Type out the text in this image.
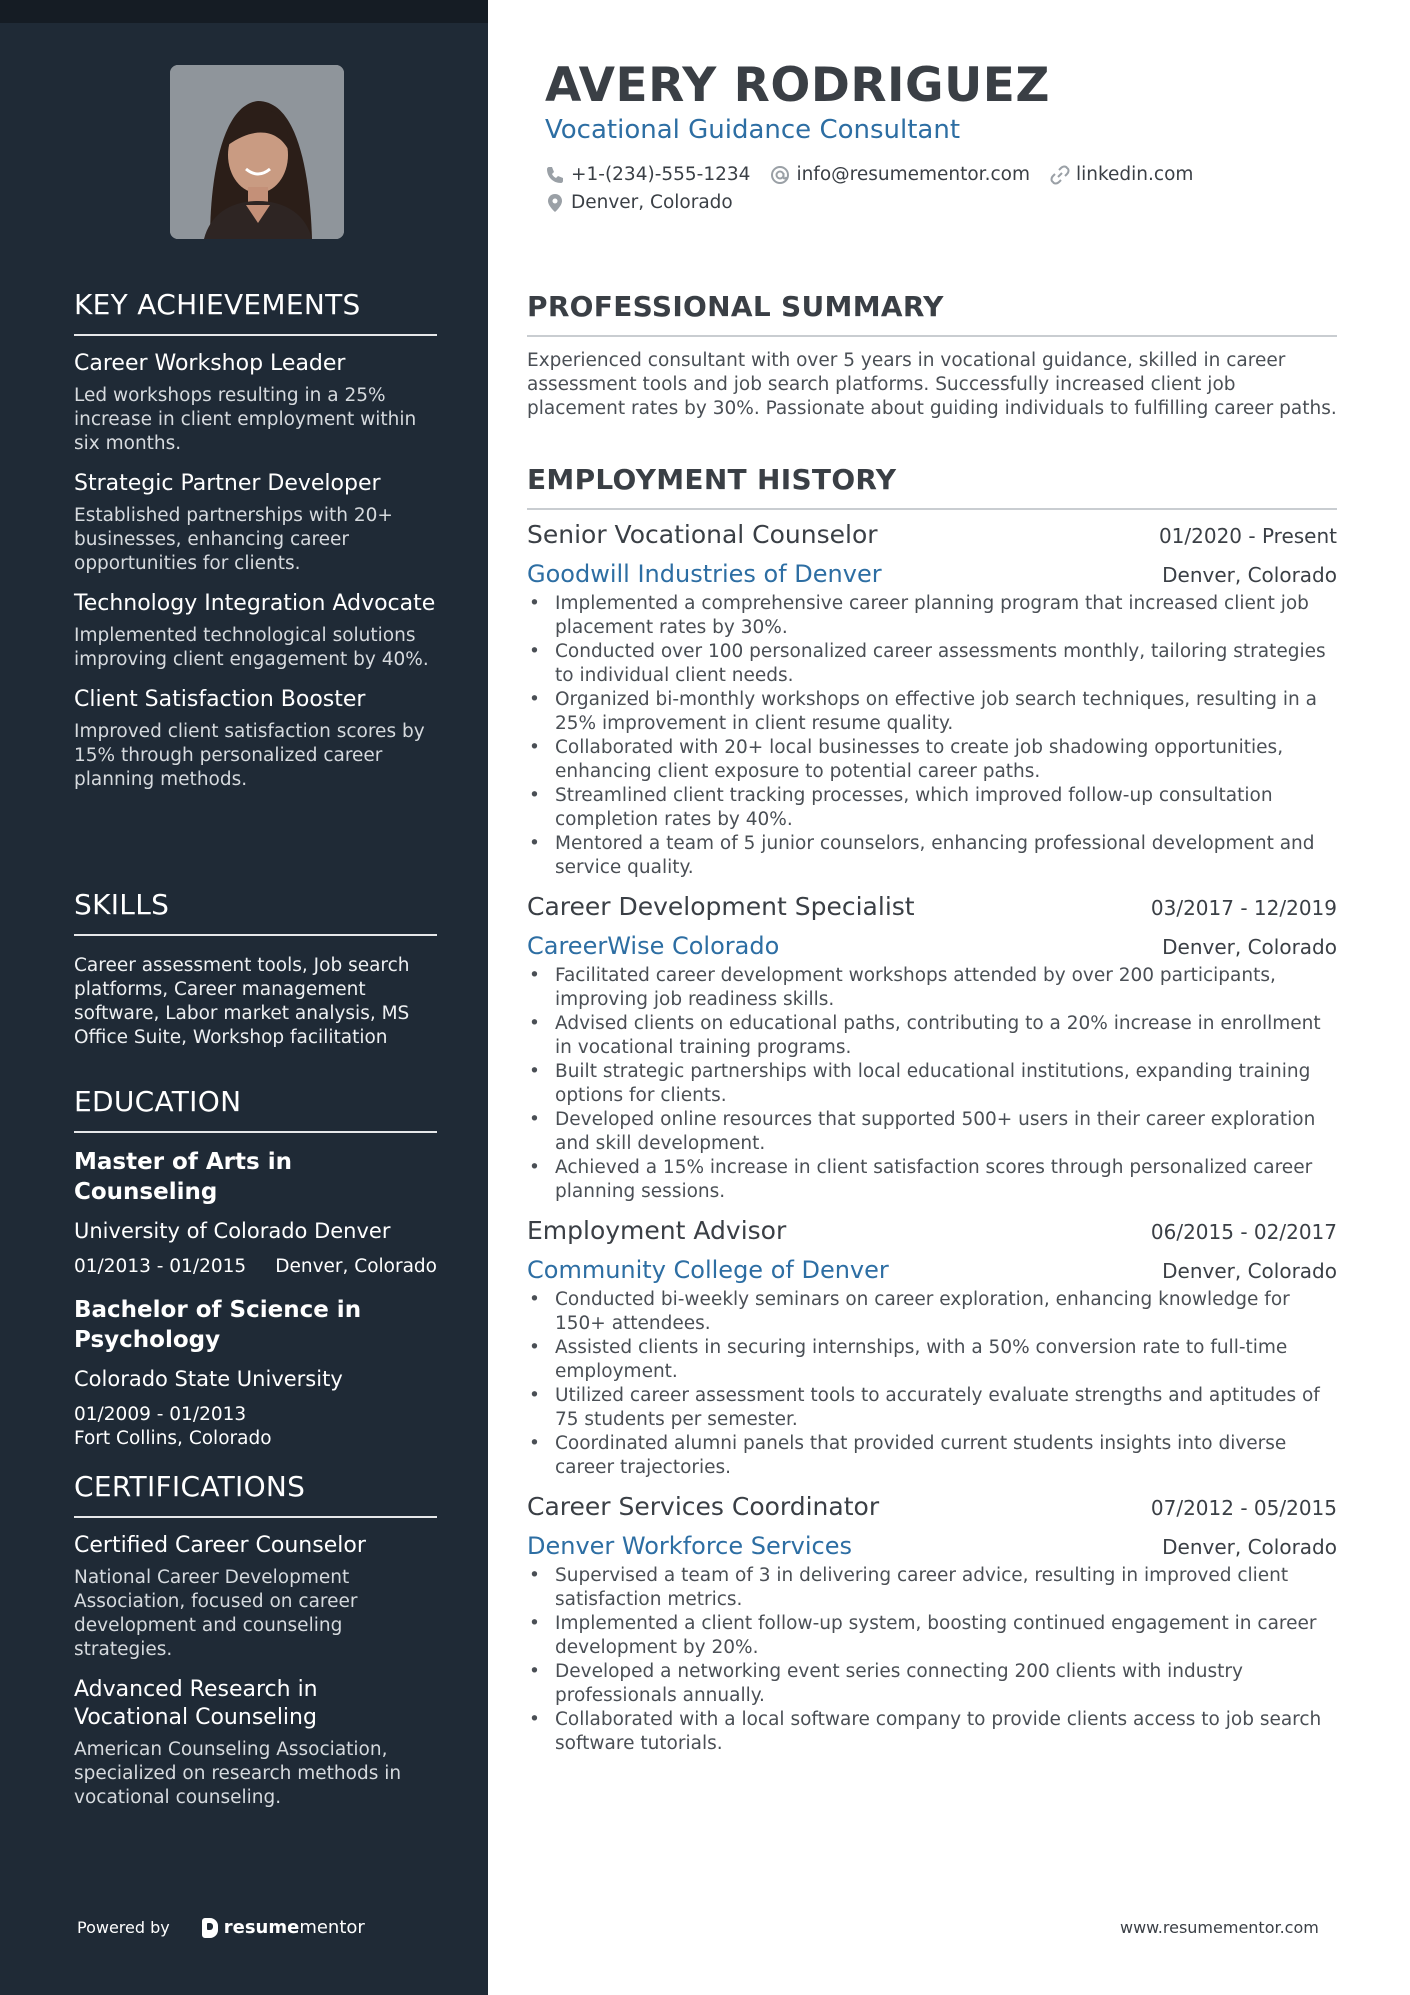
KEY ACHIEVEMENTS
Career Workshop Leader
Led workshops resulting in a 25% increase in client employment within six months.
Strategic Partner Developer
Established partnerships with 20+ businesses, enhancing career opportunities for clients.
Technology Integration Advocate
Implemented technological solutions improving client engagement by 40%.
Client Satisfaction Booster
Improved client satisfaction scores by 15% through personalized career planning methods.
SKILLS
Career assessment tools, Job search platforms, Career management software, Labor market analysis, MS Office Suite, Workshop facilitation
EDUCATION
Master of Arts in Counseling
University of Colorado Denver
01/2013 - 01/2015 Denver, Colorado
Bachelor of Science in Psychology
Colorado State University
01/2009 - 01/2013
Fort Collins, Colorado
CERTIFICATIONS
Certified Career Counselor
National Career Development Association, focused on career development and counseling strategies.
Advanced Research in Vocational Counseling
American Counseling Association, specialized on research methods in vocational counseling.
Powered by	resume mentor
AVERY RODRIGUEZ
Vocational Guidance Consultant
+1-(234)-555-1234 info@resumementor.com linkedin.com
Denver, Colorado
PROFESSIONAL SUMMARY

Experienced consultant with over 5 years in vocational guidance, skilled in career assessment tools and job search platforms. Successfully increased client job placement rates by 30%. Passionate about guiding individuals to fulfilling career paths.

EMPLOYMENT HISTORY
Senior Vocational Counselor	01/2020 - Present
Goodwill Industries of Denver	Denver, Colorado
• Implemented a comprehensive career planning program that increased client job placement rates by 30%.
• Conducted over 100 personalized career assessments monthly, tailoring strategies to individual client needs.
• Organized bi-monthly workshops on effective job search techniques, resulting in a 25% improvement in client resume quality.
• Collaborated with 20+ local businesses to create job shadowing opportunities, enhancing client exposure to potential career paths.
• Streamlined client tracking processes, which improved follow-up consultation completion rates by 40%.
• Mentored a team of 5 junior counselors, enhancing professional development and service quality.
Career Development Specialist	03/2017 - 12/2019
CareerWise Colorado	Denver, Colorado
• Facilitated career development workshops attended by over 200 participants, improving job readiness skills.
• Advised clients on educational paths, contributing to a 20% increase in enrollment in vocational training programs.
• Built strategic partnerships with local educational institutions, expanding training options for clients.
• Developed online resources that supported 500+ users in their career exploration and skill development.
• Achieved a 15% increase in client satisfaction scores through personalized career planning sessions.
Employment Advisor	06/2015 - 02/2017
Community College of Denver	Denver, Colorado
• Conducted bi-weekly seminars on career exploration, enhancing knowledge for 150+ attendees.
• Assisted clients in securing internships, with a 50% conversion rate to full-time employment.
• Utilized career assessment tools to accurately evaluate strengths and aptitudes of 75 students per semester.
• Coordinated alumni panels that provided current students insights into diverse career trajectories.
Career Services Coordinator	07/2012 - 05/2015
Denver Workforce Services	Denver, Colorado
• Supervised a team of 3 in delivering career advice, resulting in improved client satisfaction metrics.
• Implemented a client follow-up system, boosting continued engagement in career development by 20%.
• Developed a networking event series connecting 200 clients with industry professionals annually.
• Collaborated with a local software company to provide clients access to job search software tutorials.
www.resumementor.com
